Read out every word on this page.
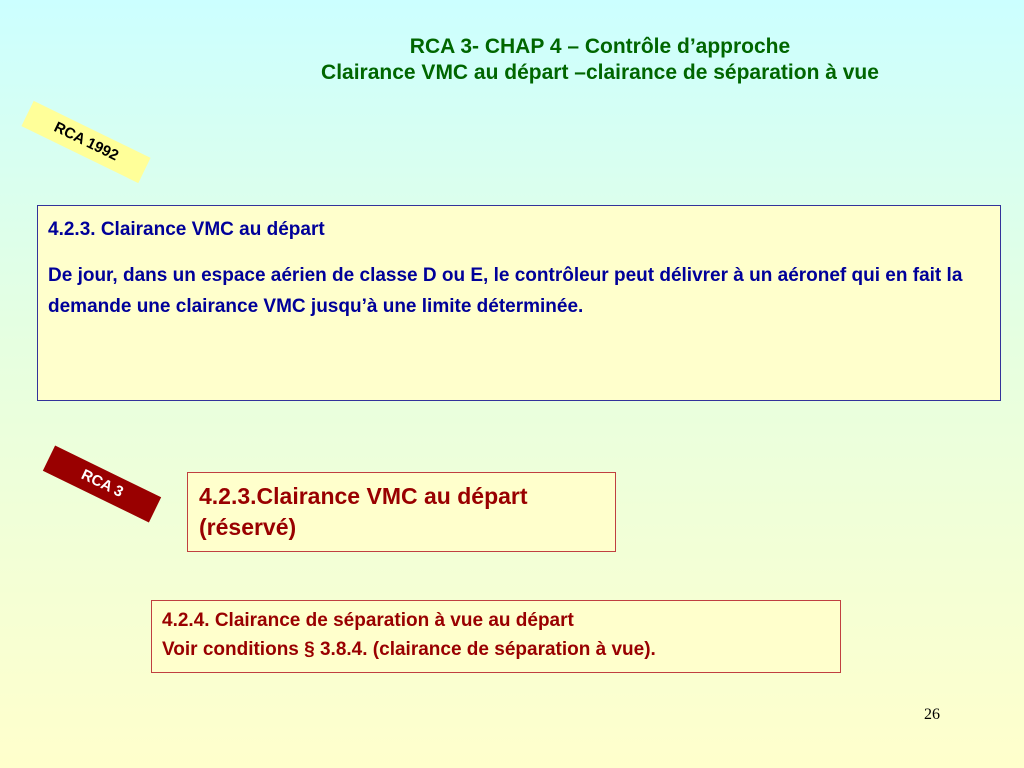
RCA 3- CHAP 4 – Contrôle d’approche
Clairance VMC au départ –clairance de séparation à vue
RCA 1992
4.2.3. Clairance VMC au départ
De jour, dans un espace aérien de classe D ou E, le contrôleur peut délivrer à un aéronef qui en fait la demande une clairance VMC jusqu’à une limite déterminée.
RCA 3	4.2.3.Clairance VMC au départ
(réservé)
4.2.4. Clairance de séparation à vue au départ
Voir conditions § 3.8.4. (clairance de séparation à vue).
26
